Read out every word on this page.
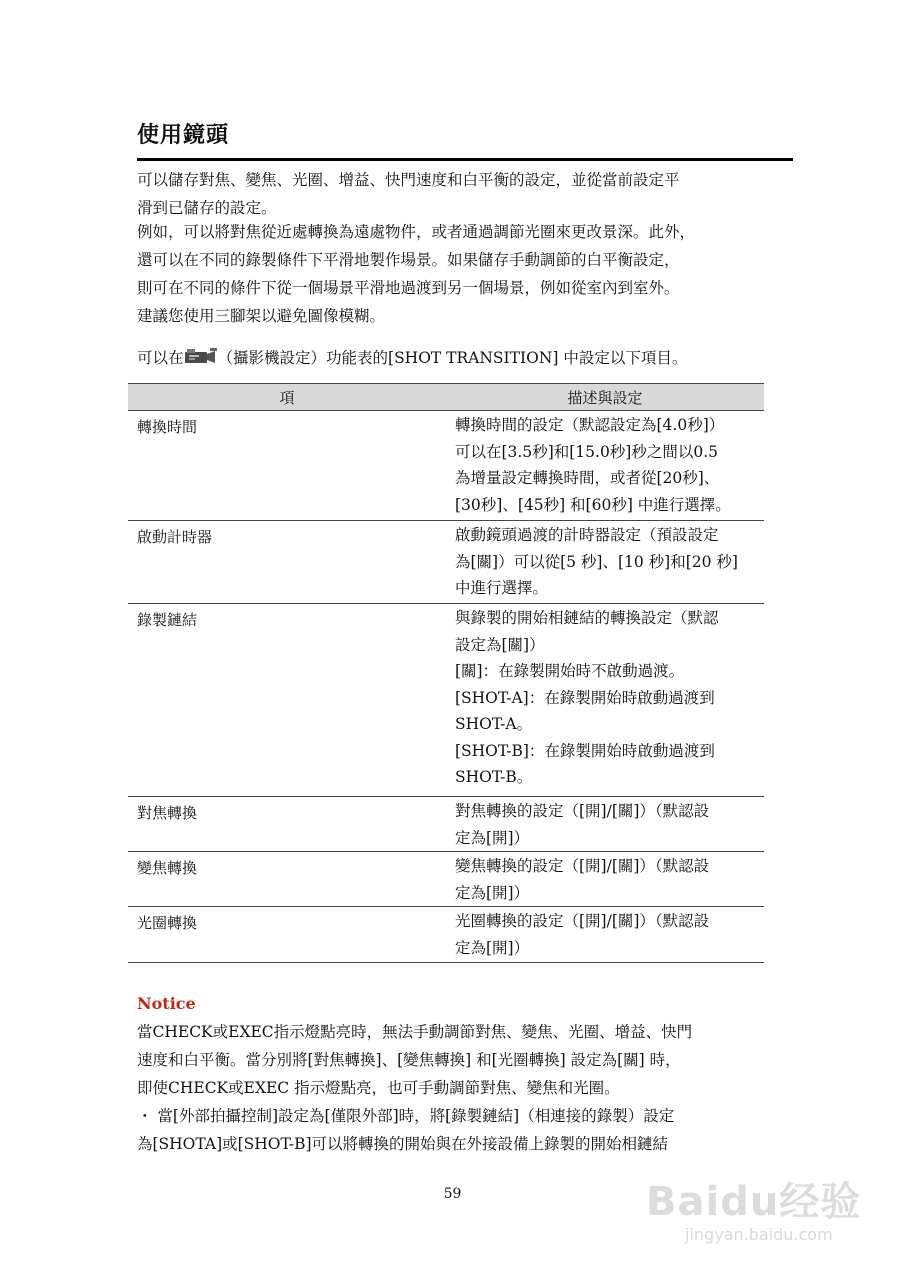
使用鏡頭
可以儲存對焦、變焦、光圈、增益、快門速度和白平衡的設定，並從當前設定平
滑到已儲存的設定。
例如，可以將對焦從近處轉換為遠處物件，或者通過調節光圈來更改景深。此外，
還可以在不同的錄製條件下平滑地製作場景。如果儲存手動調節的白平衡設定，
則可在不同的條件下從一個場景平滑地過渡到另一個場景，例如從室內到室外。
建議您使用三腳架以避免圖像模糊。
可以在 （攝影機設定）功能表的[SHOT TRANSITION] 中設定以下項目。
項	描述與設定
轉換時間	轉換時間的設定（默認設定為[4.0秒]）
可以在[3.5秒]和[15.0秒]秒之間以0.5
為增量設定轉換時間，或者從[20秒]、
[30秒]、[45秒] 和[60秒] 中進行選擇。
啟動計時器	啟動鏡頭過渡的計時器設定（預設設定
為[關]）可以從[5 秒]、[10 秒]和[20 秒]
中進行選擇。
錄製鏈結	與錄製的開始相鏈結的轉換設定（默認
設定為[關]）
[關]：在錄製開始時不啟動過渡。
[SHOT-A]：在錄製開始時啟動過渡到
SHOT-A。
[SHOT-B]：在錄製開始時啟動過渡到
SHOT-B。
對焦轉換	對焦轉換的設定（[開]/[關]）（默認設
定為[開]）
變焦轉換	變焦轉換的設定（[開]/[關]）（默認設
定為[開]）
光圈轉換	光圈轉換的設定（[開]/[關]）（默認設
定為[開]）
Notice
當CHECK或EXEC指示燈點亮時，無法手動調節對焦、變焦、光圈、增益、快門
速度和白平衡。當分別將[對焦轉換]、[變焦轉換] 和[光圈轉換] 設定為[關] 時，
即使CHECK或EXEC 指示燈點亮，也可手動調節對焦、變焦和光圈。
・ 當[外部拍攝控制]設定為[僅限外部]時，將[錄製鏈結]（相連接的錄製）設定
為[SHOTA]或[SHOT-B]可以將轉換的開始與在外接設備上錄製的開始相鏈結
59	Baidu经验
jingyan.baidu.com
